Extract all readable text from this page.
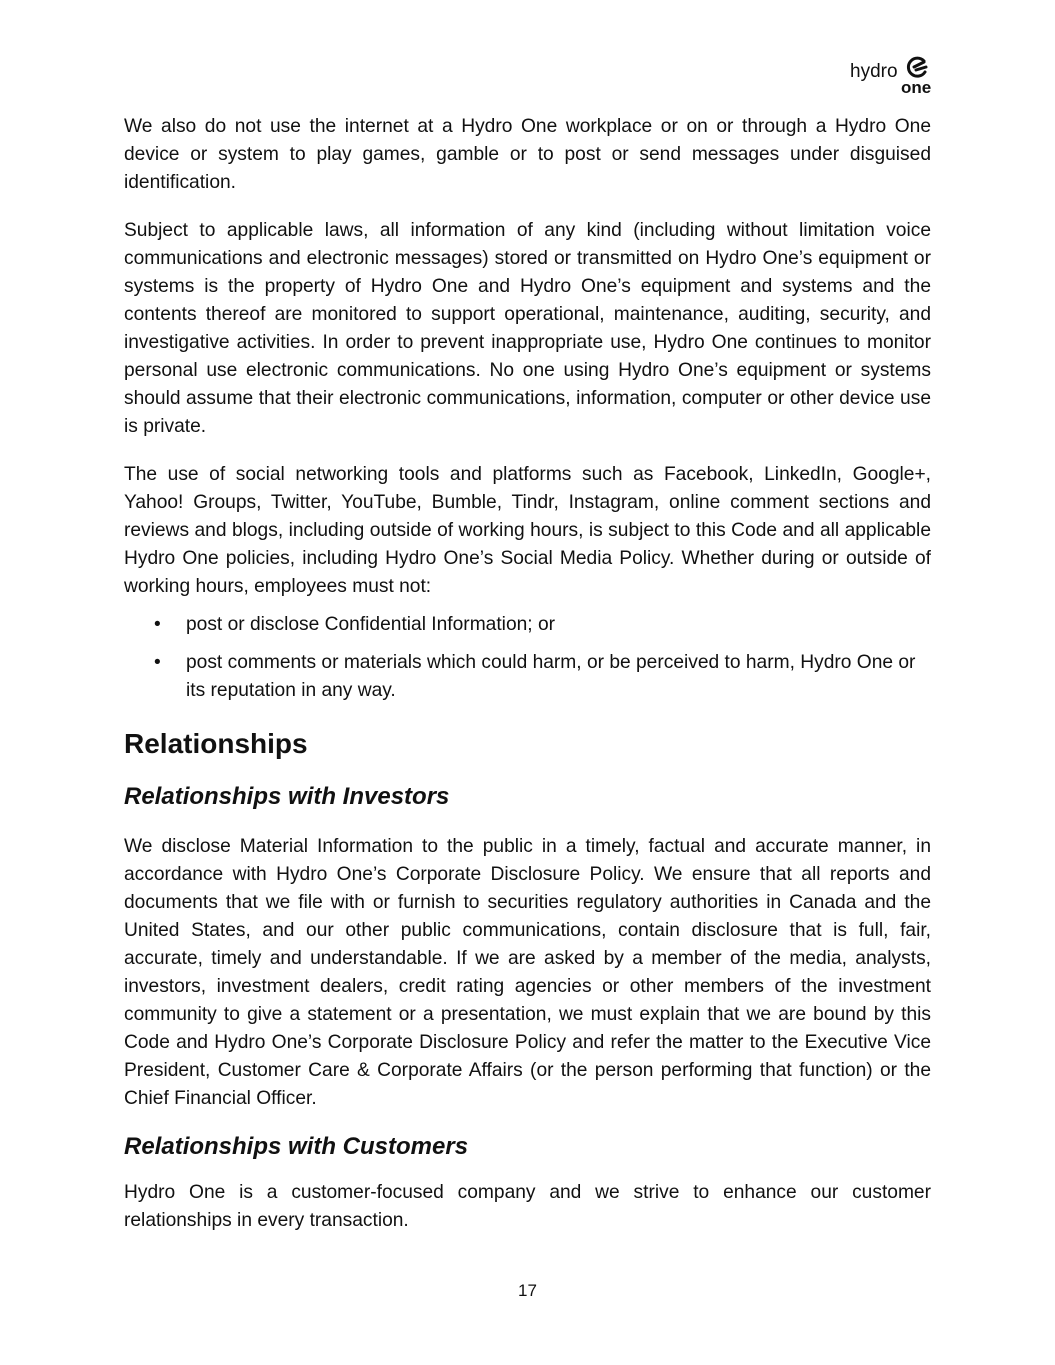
hydro
one

We also do not use the internet at a Hydro One workplace or on or through a Hydro One device or system to play games, gamble or to post or send messages under disguised identification.

Subject to applicable laws, all information of any kind (including without limitation voice communications and electronic messages) stored or transmitted on Hydro One’s equipment or systems is the property of Hydro One and Hydro One’s equipment and systems and the contents thereof are monitored to support operational, maintenance, auditing, security, and investigative activities. In order to prevent inappropriate use, Hydro One continues to monitor personal use electronic communications. No one using Hydro One’s equipment or systems should assume that their electronic communications, information, computer or other device use is private.

The use of social networking tools and platforms such as Facebook, LinkedIn, Google+, Yahoo! Groups, Twitter, YouTube, Bumble, Tindr, Instagram, online comment sections and reviews and blogs, including outside of working hours, is subject to this Code and all applicable Hydro One policies, including Hydro One’s Social Media Policy. Whether during or outside of working hours, employees must not:

• post or disclose Confidential Information; or
• post comments or materials which could harm, or be perceived to harm, Hydro One or its reputation in any way.
Relationships
Relationships with Investors

We disclose Material Information to the public in a timely, factual and accurate manner, in accordance with Hydro One’s Corporate Disclosure Policy. We ensure that all reports and documents that we file with or furnish to securities regulatory authorities in Canada and the United States, and our other public communications, contain disclosure that is full, fair, accurate, timely and understandable. If we are asked by a member of the media, analysts, investors, investment dealers, credit rating agencies or other members of the investment community to give a statement or a presentation, we must explain that we are bound by this Code and Hydro One’s Corporate Disclosure Policy and refer the matter to the Executive Vice President, Customer Care & Corporate Affairs (or the person performing that function) or the Chief Financial Officer.

Relationships with Customers

Hydro One is a customer-focused company and we strive to enhance our customer relationships in every transaction.

17
